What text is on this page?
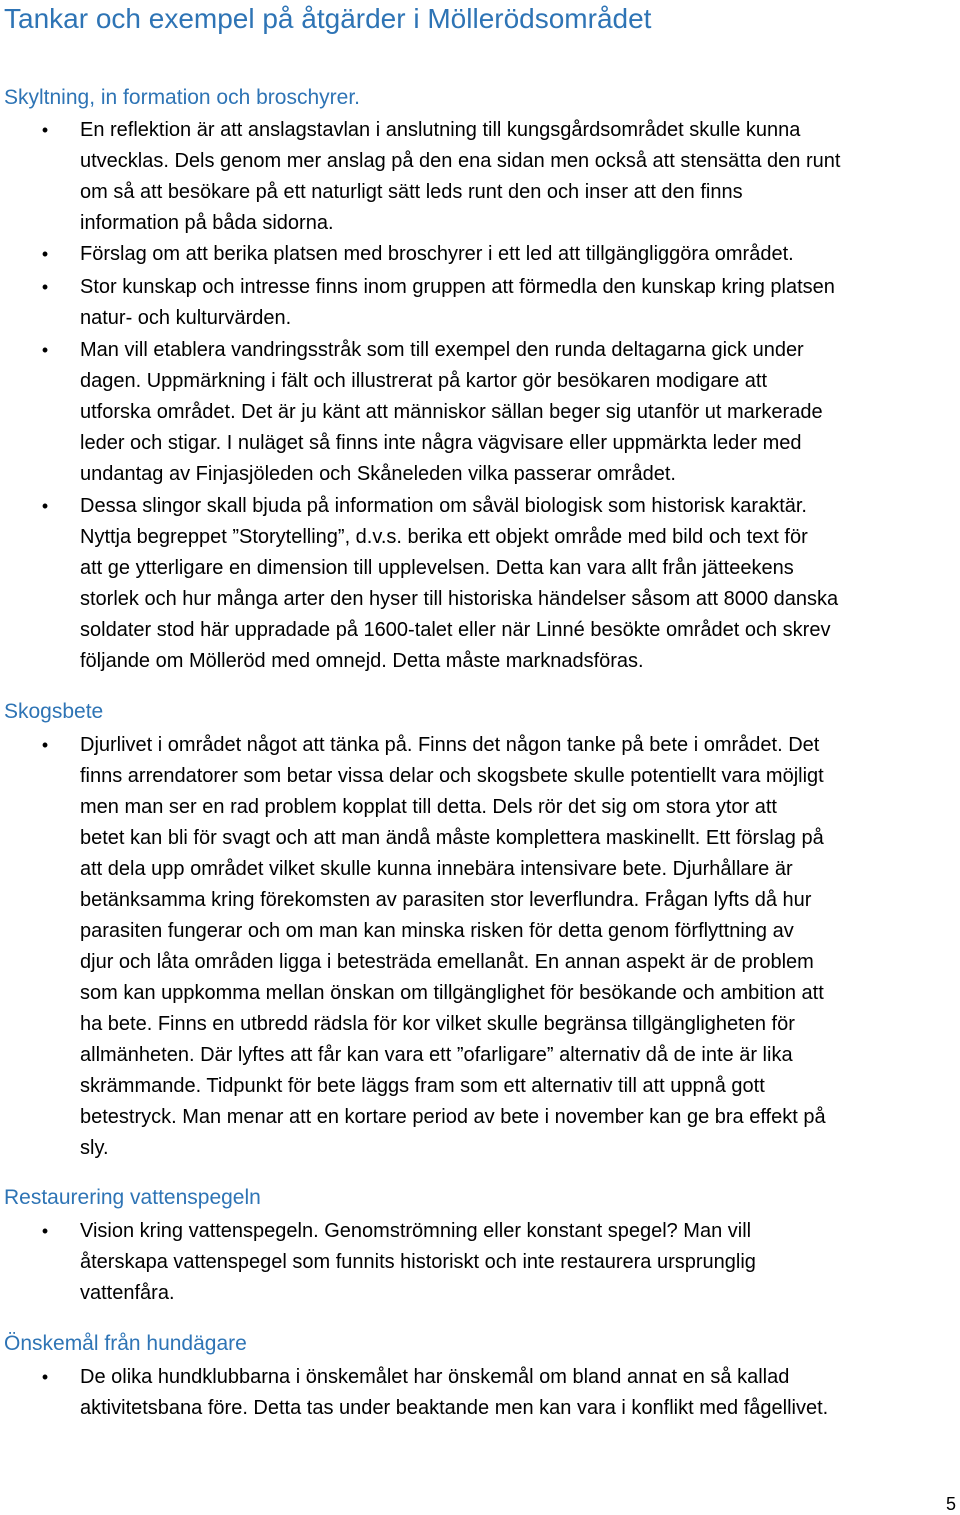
Tankar och exempel på åtgärder i Möllerödsområdet
Skyltning, in formation och broschyrer.
•	En reflektion är att anslagstavlan i anslutning till kungsgårdsområdet skulle kunna
utvecklas. Dels genom mer anslag på den ena sidan men också att stensätta den runt
om så att besökare på ett naturligt sätt leds runt den och inser att den finns
information på båda sidorna.
•	Förslag om att berika platsen med broschyrer i ett led att tillgängliggöra området.
•	Stor kunskap och intresse finns inom gruppen att förmedla den kunskap kring platsen
natur- och kulturvärden.
•	Man vill etablera vandringsstråk som till exempel den runda deltagarna gick under
dagen. Uppmärkning i fält och illustrerat på kartor gör besökaren modigare att
utforska området. Det är ju känt att människor sällan beger sig utanför ut markerade
leder och stigar. I nuläget så finns inte några vägvisare eller uppmärkta leder med
undantag av Finjasjöleden och Skåneleden vilka passerar området.
•	Dessa slingor skall bjuda på information om såväl biologisk som historisk karaktär.
Nyttja begreppet ”Storytelling”, d.v.s. berika ett objekt område med bild och text för
att ge ytterligare en dimension till upplevelsen. Detta kan vara allt från jätteekens
storlek och hur många arter den hyser till historiska händelser såsom att 8000 danska
soldater stod här uppradade på 1600-talet eller när Linné besökte området och skrev
följande om Mölleröd med omnejd. Detta måste marknadsföras.
Skogsbete
•	Djurlivet i området något att tänka på. Finns det någon tanke på bete i området. Det
finns arrendatorer som betar vissa delar och skogsbete skulle potentiellt vara möjligt
men man ser en rad problem kopplat till detta. Dels rör det sig om stora ytor att
betet kan bli för svagt och att man ändå måste komplettera maskinellt. Ett förslag på
att dela upp området vilket skulle kunna innebära intensivare bete. Djurhållare är
betänksamma kring förekomsten av parasiten stor leverflundra. Frågan lyfts då hur
parasiten fungerar och om man kan minska risken för detta genom förflyttning av
djur och låta områden ligga i betesträda emellanåt. En annan aspekt är de problem
som kan uppkomma mellan önskan om tillgänglighet för besökande och ambition att
ha bete. Finns en utbredd rädsla för kor vilket skulle begränsa tillgängligheten för
allmänheten. Där lyftes att får kan vara ett ”ofarligare” alternativ då de inte är lika
skrämmande. Tidpunkt för bete läggs fram som ett alternativ till att uppnå gott
betestryck. Man menar att en kortare period av bete i november kan ge bra effekt på
sly.
Restaurering vattenspegeln
•	Vision kring vattenspegeln. Genomströmning eller konstant spegel? Man vill
återskapa vattenspegel som funnits historiskt och inte restaurera ursprunglig
vattenfåra.
Önskemål från hundägare
•	De olika hundklubbarna i önskemålet har önskemål om bland annat en så kallad
aktivitetsbana före. Detta tas under beaktande men kan vara i konflikt med fågellivet.
5
